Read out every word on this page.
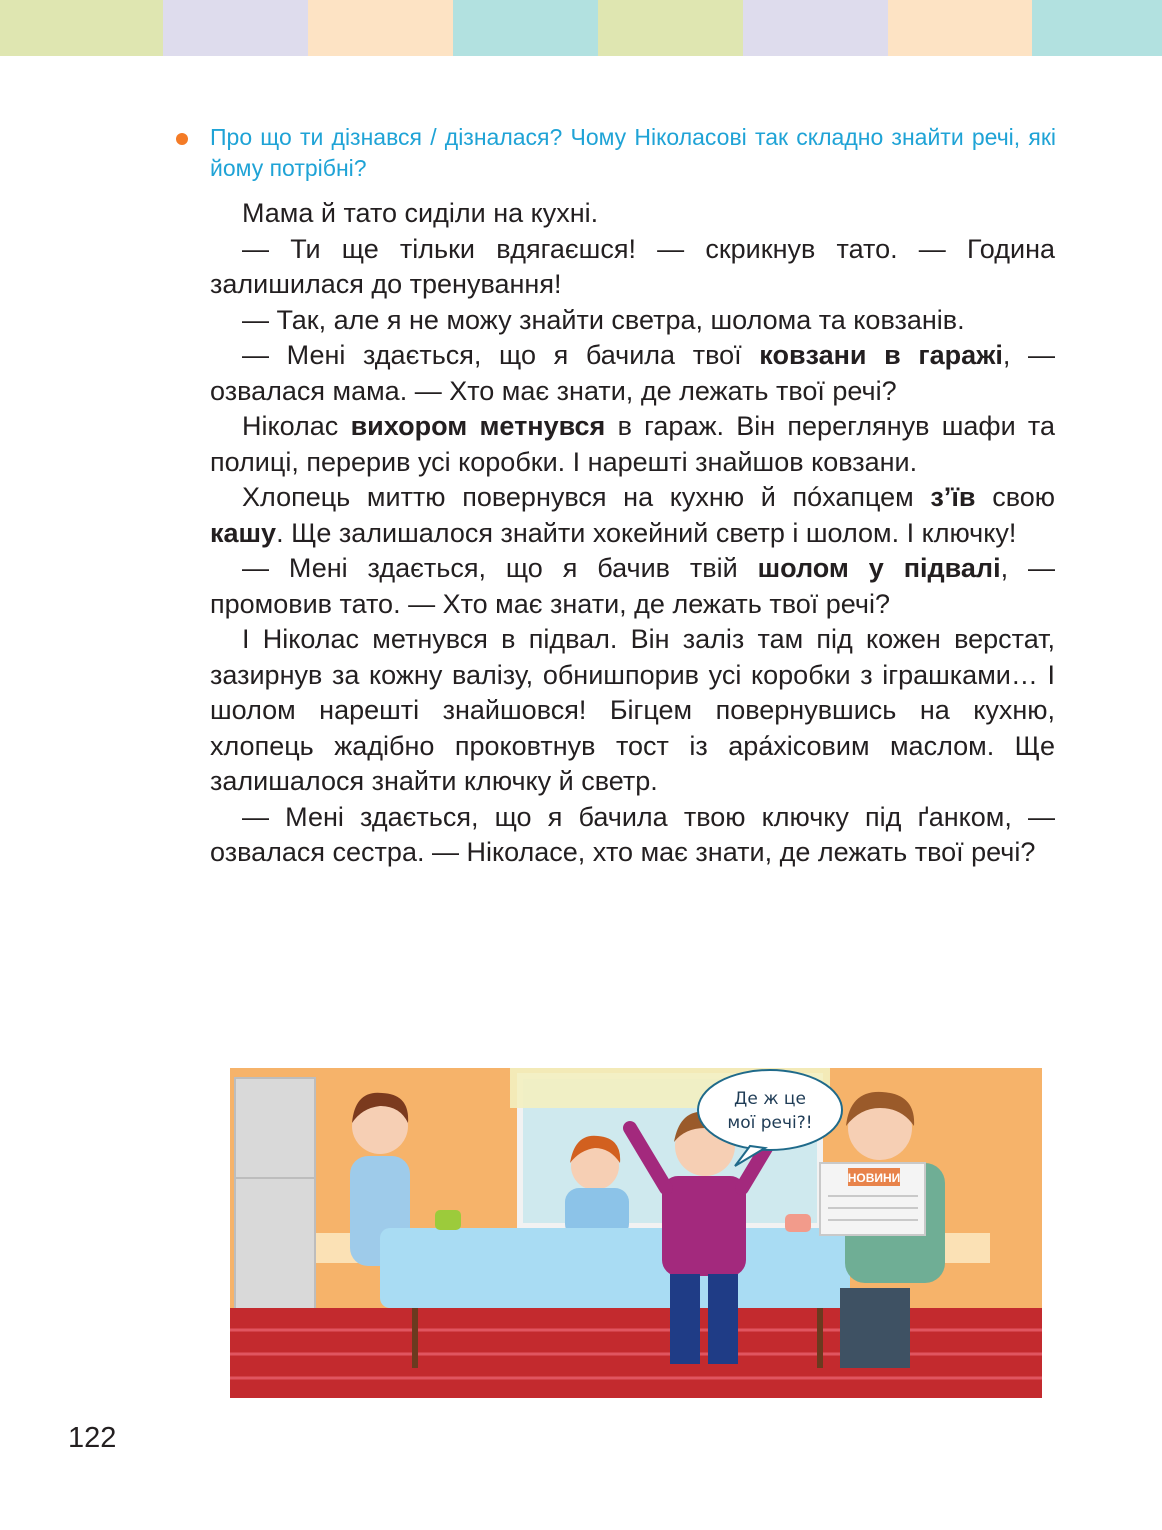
Про що ти дізнався / дізналася? Чому Ніколасові так складно знайти речі, які йому потрібні?

Мама й тато сиділи на кухні.

— Ти ще тільки вдягаєшся! — скрикнув тато. — Година залишилася до тренування!

— Так, але я не можу знайти светра, шолома та ковзанів.

— Мені здається, що я бачила твої ковзани в гаражі, — озвалася мама. — Хто має знати, де лежать твої речі?

Ніколас вихором метнувся в гараж. Він переглянув шафи та полиці, перерив усі коробки. І нарешті знайшов ковзани.

Хлопець миттю повернувся на кухню й пóхапцем з’їв свою кашу. Ще залишалося знайти хокейний светр і шолом. І ключку!

— Мені здається, що я бачив твій шолом у підвалі, — промовив тато. — Хто має знати, де лежать твої речі?

І Ніколас метнувся в підвал. Він заліз там під кожен верстат, зазирнув за кожну валізу, обнишпорив усі коробки з іграшками… І шолом нарешті знайшовся! Бігцем повернувшись на кухню, хлопець жадібно проковтнув тост із ара́хісовим маслом. Ще залишалося знайти ключку й светр.

— Мені здається, що я бачила твою ключку під ґанком, — озвалася сестра. — Ніколасе, хто має знати, де лежать твої речі?

НОВИНИ
Де ж це
мої речі?!
122
